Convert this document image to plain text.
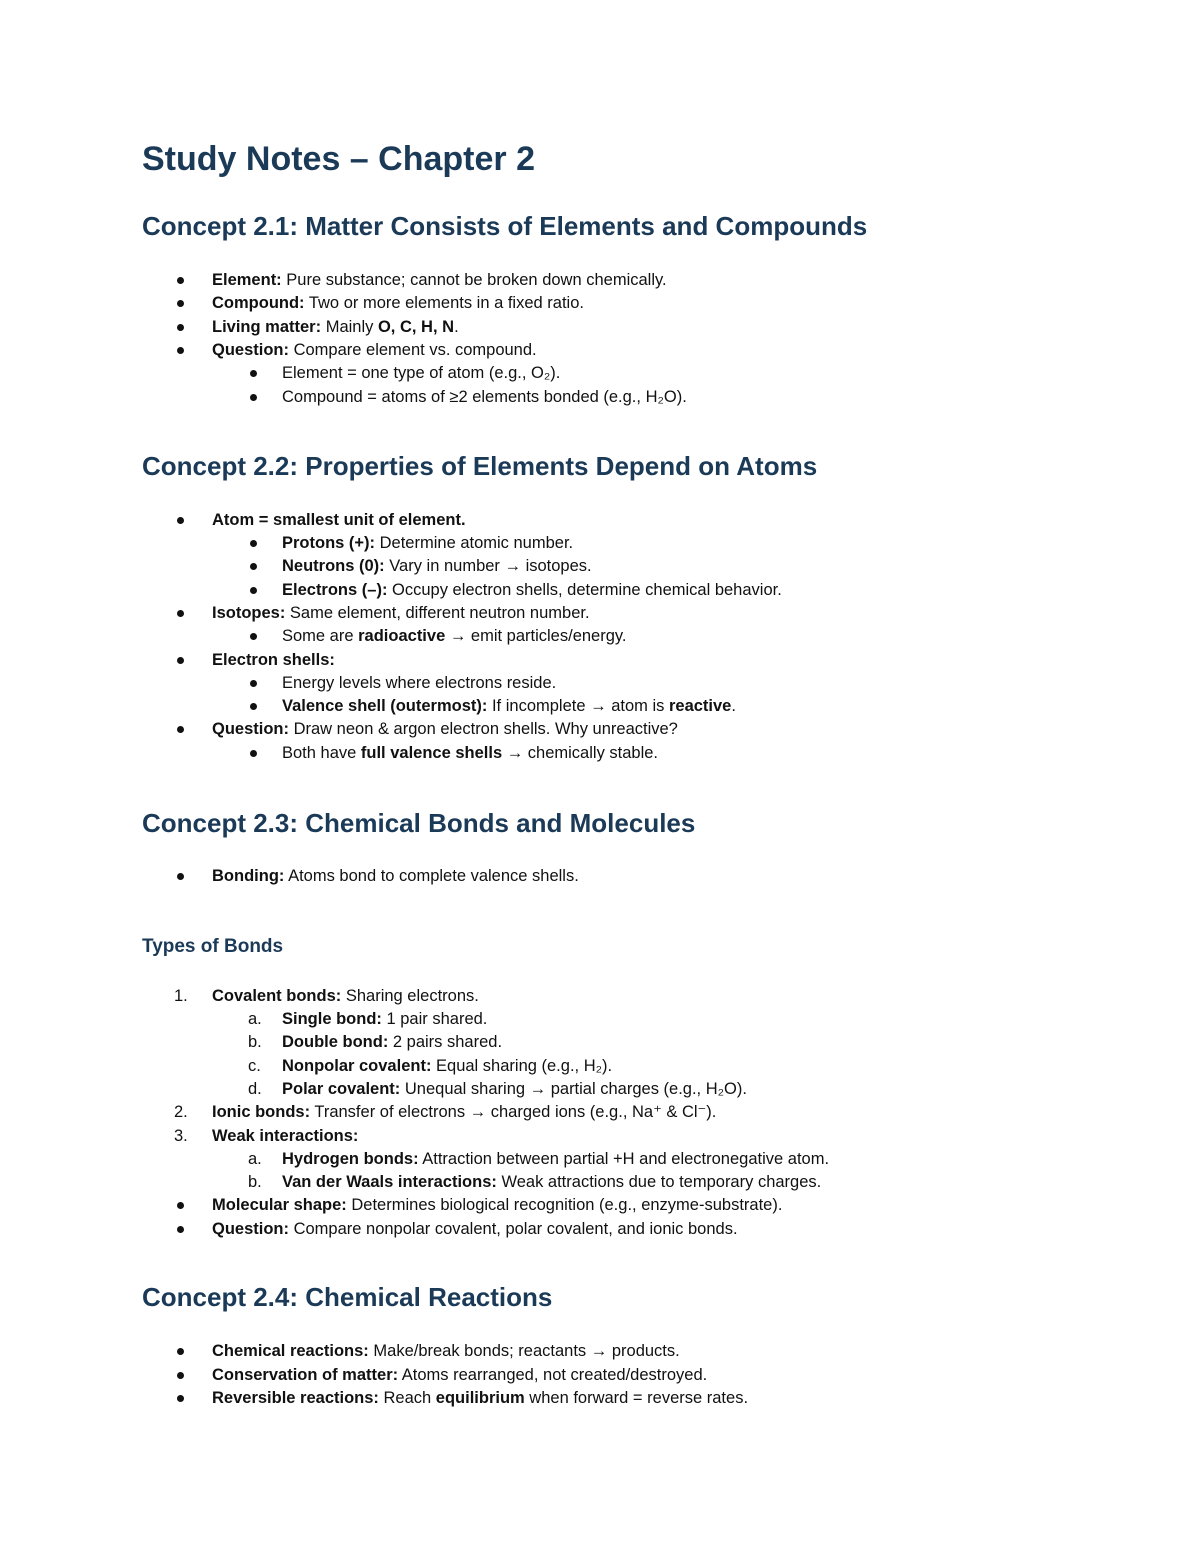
Study Notes – Chapter 2
Concept 2.1: Matter Consists of Elements and Compounds

Element: Pure substance; cannot be broken down chemically.

Compound: Two or more elements in a fixed ratio.

Living matter: Mainly O, C, H, N.

Question: Compare element vs. compound.

Element = one type of atom (e.g., O₂).

Compound = atoms of ≥2 elements bonded (e.g., H₂O).

Concept 2.2: Properties of Elements Depend on Atoms

Atom = smallest unit of element.

Protons (+): Determine atomic number.

Neutrons (0): Vary in number → isotopes.

Electrons (–): Occupy electron shells, determine chemical behavior.

Isotopes: Same element, different neutron number.

Some are radioactive → emit particles/energy.

Electron shells:

Energy levels where electrons reside.

Valence shell (outermost): If incomplete → atom is reactive.

Question: Draw neon & argon electron shells. Why unreactive?

Both have full valence shells → chemically stable.

Concept 2.3: Chemical Bonds and Molecules

Bonding: Atoms bond to complete valence shells.

Types of Bonds
1. Covalent bonds: Sharing electrons.

a. Single bond: 1 pair shared.

b. Double bond: 2 pairs shared.

c. Nonpolar covalent: Equal sharing (e.g., H₂).

d. Polar covalent: Unequal sharing → partial charges (e.g., H₂O).

2. Ionic bonds: Transfer of electrons → charged ions (e.g., Na⁺ & Cl⁻).

3. Weak interactions:

a. Hydrogen bonds: Attraction between partial +H and electronegative atom.

b. Van der Waals interactions: Weak attractions due to temporary charges.

Molecular shape: Determines biological recognition (e.g., enzyme-substrate).

Question: Compare nonpolar covalent, polar covalent, and ionic bonds.

Concept 2.4: Chemical Reactions

Chemical reactions: Make/break bonds; reactants → products.

Conservation of matter: Atoms rearranged, not created/destroyed.

Reversible reactions: Reach equilibrium when forward = reverse rates.
